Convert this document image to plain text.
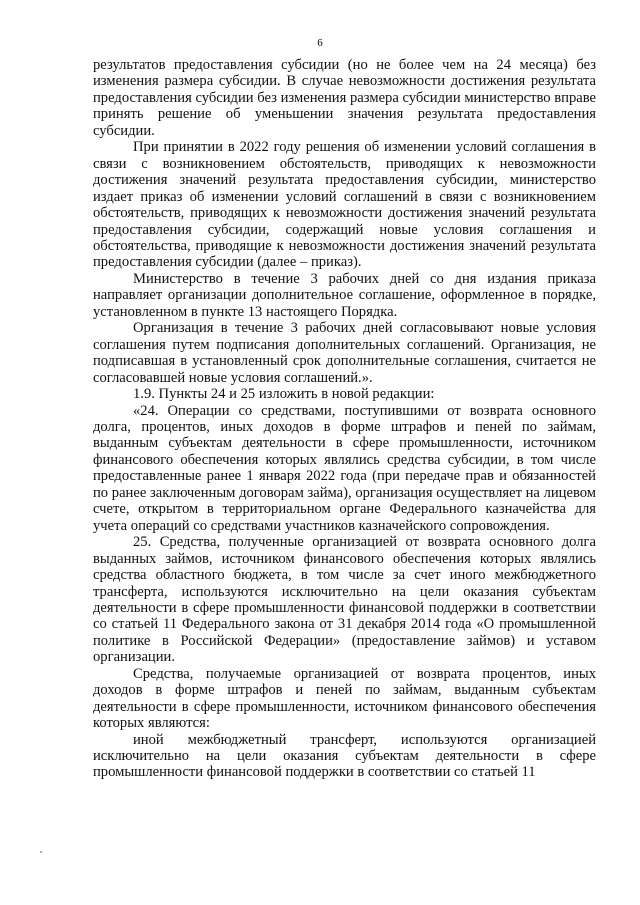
6

результатов предоставления субсидии (но не более чем на 24 месяца) без изменения размера субсидии. В случае невозможности достижения результата предоставления субсидии без изменения размера субсидии министерство вправе принять решение об уменьшении значения результата предоставления субсидии.

При принятии в 2022 году решения об изменении условий соглашения в связи с возникновением обстоятельств, приводящих к невозможности достижения значений результата предоставления субсидии, министерство издает приказ об изменении условий соглашений в связи с возникновением обстоятельств, приводящих к невозможности достижения значений результата предоставления субсидии, содержащий новые условия соглашения и обстоятельства, приводящие к невозможности достижения значений результата предоставления субсидии (далее – приказ).

Министерство в течение 3 рабочих дней со дня издания приказа направляет организации дополнительное соглашение, оформленное в порядке, установленном в пункте 13 настоящего Порядка.

Организация в течение 3 рабочих дней согласовывают новые условия соглашения путем подписания дополнительных соглашений. Организация, не подписавшая в установленный срок дополнительные соглашения, считается не согласовавшей новые условия соглашений.».

1.9. Пункты 24 и 25 изложить в новой редакции:

«24. Операции со средствами, поступившими от возврата основного долга, процентов, иных доходов в форме штрафов и пеней по займам, выданным субъектам деятельности в сфере промышленности, источником финансового обеспечения которых являлись средства субсидии, в том числе предоставленные ранее 1 января 2022 года (при передаче прав и обязанностей по ранее заключенным договорам займа), организация осуществляет на лицевом счете, открытом в территориальном органе Федерального казначейства для учета операций со средствами участников казначейского сопровождения.

25. Средства, полученные организацией от возврата основного долга выданных займов, источником финансового обеспечения которых являлись средства областного бюджета, в том числе за счет иного межбюджетного трансферта, используются исключительно на цели оказания субъектам деятельности в сфере промышленности финансовой поддержки в соответствии со статьей 11 Федерального закона от 31 декабря 2014 года «О промышленной политике в Российской Федерации» (предоставление займов) и уставом организации.

Средства, получаемые организацией от возврата процентов, иных доходов в форме штрафов и пеней по займам, выданным субъектам деятельности в сфере промышленности, источником финансового обеспечения которых являются:

иной межбюджетный трансферт, используются организацией исключительно на цели оказания субъектам деятельности в сфере промышленности финансовой поддержки в соответствии со статьей 11
